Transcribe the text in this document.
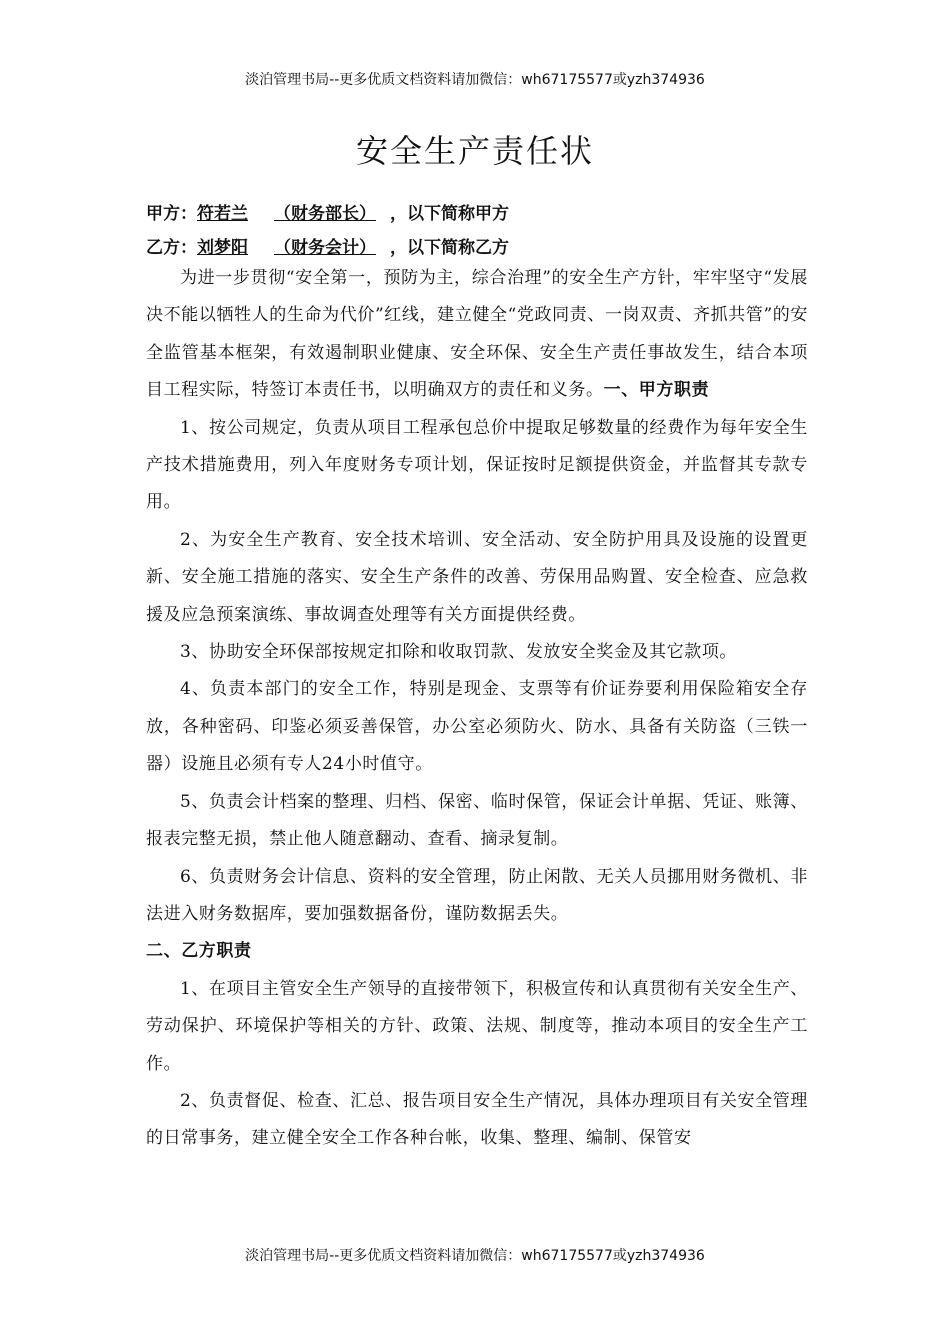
淡泊管理书局--更多优质文档资料请加微信：wh67175577或yzh374936
安全生产责任状
甲方：符若兰 （财务部长） ，以下简称甲方
乙方：刘梦阳 （财务会计） ，以下简称乙方

为进一步贯彻“安全第一，预防为主，综合治理”的安全生产方针，牢牢坚守“发展决不能以牺牲人的生命为代价”红线，建立健全“党政同责、一岗双责、齐抓共管”的安全监管基本框架，有效遏制职业健康、安全环保、安全生产责任事故发生，结合本项目工程实际，特签订本责任书，以明确双方的责任和义务。一、甲方职责

1、按公司规定，负责从项目工程承包总价中提取足够数量的经费作为每年安全生产技术措施费用，列入年度财务专项计划，保证按时足额提供资金，并监督其专款专用。

2、为安全生产教育、安全技术培训、安全活动、安全防护用具及设施的设置更新、安全施工措施的落实、安全生产条件的改善、劳保用品购置、安全检查、应急救援及应急预案演练、事故调查处理等有关方面提供经费。

3、协助安全环保部按规定扣除和收取罚款、发放安全奖金及其它款项。

4、负责本部门的安全工作，特别是现金、支票等有价证券要利用保险箱安全存放，各种密码、印鉴必须妥善保管，办公室必须防火、防水、具备有关防盗（三铁一器）设施且必须有专人24小时值守。

5、负责会计档案的整理、归档、保密、临时保管，保证会计单据、凭证、账簿、报表完整无损，禁止他人随意翻动、查看、摘录复制。

6、负责财务会计信息、资料的安全管理，防止闲散、无关人员挪用财务微机、非法进入财务数据库，要加强数据备份，谨防数据丢失。

二、乙方职责

1、在项目主管安全生产领导的直接带领下，积极宣传和认真贯彻有关安全生产、劳动保护、环境保护等相关的方针、政策、法规、制度等，推动本项目的安全生产工作。

2、负责督促、检查、汇总、报告项目安全生产情况，具体办理项目有关安全管理的日常事务，建立健全安全工作各种台帐，收集、整理、编制、保管安

淡泊管理书局--更多优质文档资料请加微信：wh67175577或yzh374936
